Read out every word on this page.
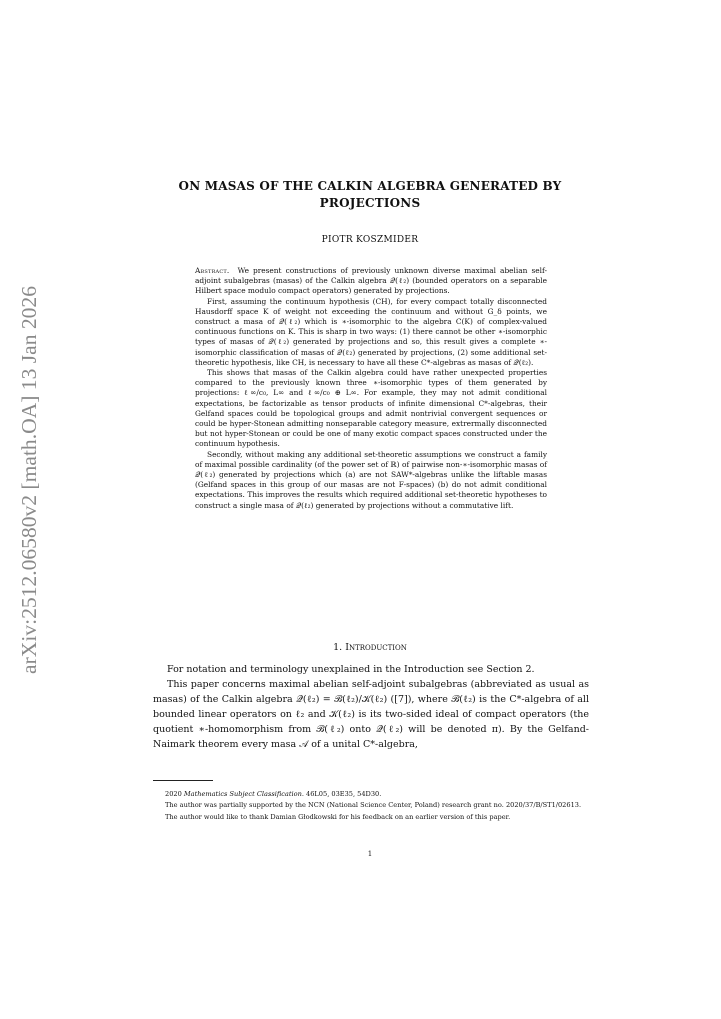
arXiv:2512.06580v2 [math.OA] 13 Jan 2026
ON MASAS OF THE CALKIN ALGEBRA GENERATED BY
PROJECTIONS
PIOTR KOSZMIDER

Abstract. We present constructions of previously unknown diverse maximal abelian self-adjoint subalgebras (masas) of the Calkin algebra 𝒬(ℓ₂) (bounded operators on a separable Hilbert space modulo compact operators) generated by projections.

First, assuming the continuum hypothesis (CH), for every compact totally disconnected Hausdorff space K of weight not exceeding the continuum and without G_δ points, we construct a masa of 𝒬(ℓ₂) which is ∗-isomorphic to the algebra C(K) of complex-valued continuous functions on K. This is sharp in two ways: (1) there cannot be other ∗-isomorphic types of masas of 𝒬(ℓ₂) generated by projections and so, this result gives a complete ∗-isomorphic classification of masas of 𝒬(ℓ₂) generated by projections, (2) some additional set-theoretic hypothesis, like CH, is necessary to have all these C*-algebras as masas of 𝒬(ℓ₂).

This shows that masas of the Calkin algebra could have rather unexpected properties compared to the previously known three ∗-isomorphic types of them generated by projections: ℓ∞/c₀, L∞ and ℓ∞/c₀ ⊕ L∞. For example, they may not admit conditional expectations, be factorizable as tensor products of infinite dimensional C*-algebras, their Gelfand spaces could be topological groups and admit nontrivial convergent sequences or could be hyper-Stonean admitting nonseparable category measure, extrermally disconnected but not hyper-Stonean or could be one of many exotic compact spaces constructed under the continuum hypothesis.

Secondly, without making any additional set-theoretic assumptions we construct a family of maximal possible cardinality (of the power set of ℝ) of pairwise non-∗-isomorphic masas of 𝒬(ℓ₂) generated by projections which (a) are not SAW*-algebras unlike the liftable masas (Gelfand spaces in this group of our masas are not F-spaces) (b) do not admit conditional expectations. This improves the results which required additional set-theoretic hypotheses to construct a single masa of 𝒬(ℓ₂) generated by projections without a commutative lift.

1. Introduction

For notation and terminology unexplained in the Introduction see Section 2.

This paper concerns maximal abelian self-adjoint subalgebras (abbreviated as usual as masas) of the Calkin algebra 𝒬(ℓ₂) = ℬ(ℓ₂)/𝒦(ℓ₂) ([7]), where ℬ(ℓ₂) is the C*-algebra of all bounded linear operators on ℓ₂ and 𝒦(ℓ₂) is its two-sided ideal of compact operators (the quotient ∗-homomorphism from ℬ(ℓ₂) onto 𝒬(ℓ₂) will be denoted π). By the Gelfand-Naimark theorem every masa 𝒜 of a unital C*-algebra,

2020 Mathematics Subject Classification. 46L05, 03E35, 54D30.

The author was partially supported by the NCN (National Science Center, Poland) research grant no. 2020/37/B/ST1/02613.

The author would like to thank Damian Głodkowski for his feedback on an earlier version of this paper.

1
